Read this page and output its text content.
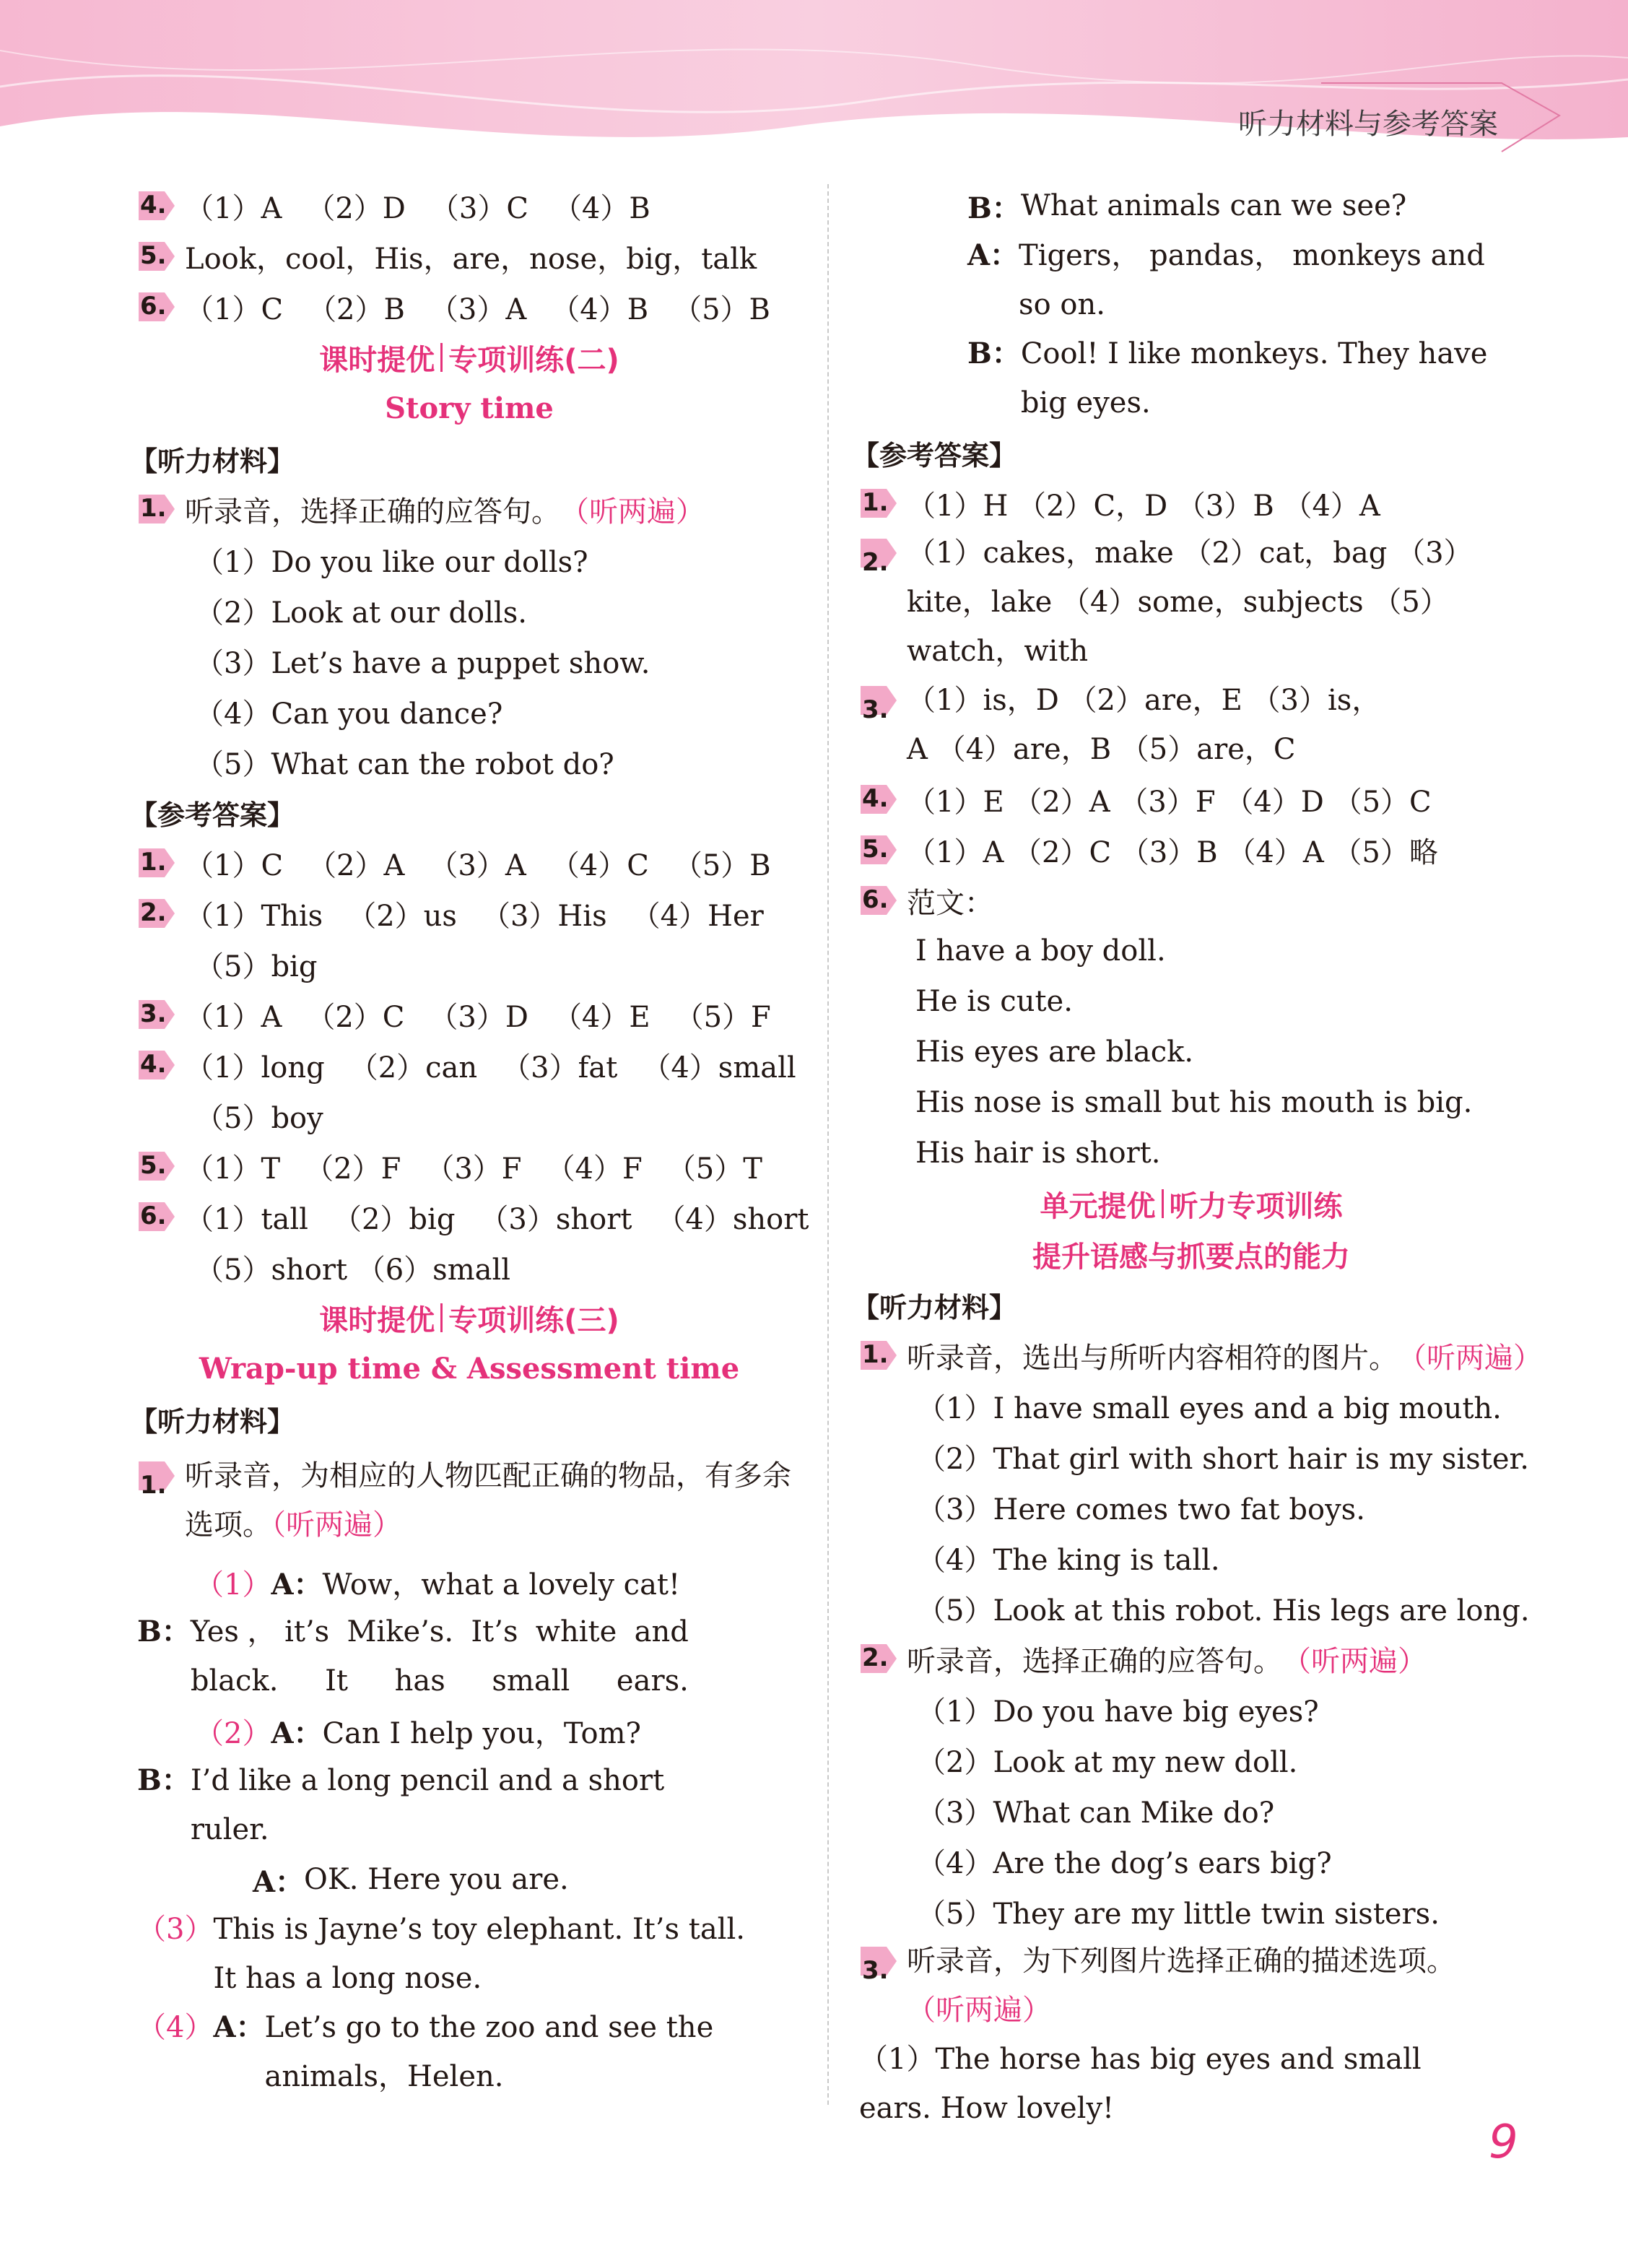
听力材料与参考答案
4. （1）A （2）D （3）C （4）B
5. Look，cool，His，are，nose，big，talk
6. （1）C （2）B （3）A （4）B （5）B
课时提优 专项训练(二)
Story time
【听力材料】
1. 听录音，选择正确的应答句。 （听两遍）
（1）Do you like our dolls?
（2）Look at our dolls.
（3）Let’s have a puppet show.
（4）Can you dance?
（5）What can the robot do?
【参考答案】
1. （1）C （2）A （3）A （4）C （5）B
2. （1）This （2）us （3）His （4）Her
（5）big
3. （1）A （2）C （3）D （4）E （5）F
4. （1）long （2）can （3）fat （4）small
（5）boy
5. （1）T （2）F （3）F （4）F （5）T
6. （1）tall （2）big （3）short （4）short
（5）short （6）small
课时提优 专项训练(三)
Wrap-up time & Assessment time
【听力材料】
1. 听录音，为相应的人物匹配正确的物品，有多余选项。（听两遍）
（1） A： Wow，what a lovely cat!
B： Yes，it’s Mike’s. It’s white and black. It has small ears.
（2） A： Can I help you，Tom?
B： I’d like a long pencil and a short ruler.
A： OK. Here you are.
（3） This is Jayne’s toy elephant. It’s tall. It has a long nose.
（4） A： Let’s go to the zoo and see the animals，Helen.
B： What animals can we see?
A： Tigers， pandas， monkeys and so on.
B： Cool! I like monkeys. They have big eyes.
【参考答案】
1. （1）H （2）C，D （3）B （4）A
2. （1）cakes，make （2）cat，bag （3）kite，lake （4）some，subjects （5）watch，with
3. （1）is，D （2）are，E （3）is，A （4）are，B （5）are，C
4. （1）E （2）A （3）F （4）D （5）C
5. （1）A （2）C （3）B （4）A （5）略
6. 范文：
I have a boy doll.
He is cute.
His eyes are black.
His nose is small but his mouth is big.
His hair is short.
单元提优 听力专项训练
提升语感与抓要点的能力
【听力材料】
1. 听录音，选出与所听内容相符的图片。 （听两遍）
（1）I have small eyes and a big mouth.
（2）That girl with short hair is my sister.
（3）Here comes two fat boys.
（4）The king is tall.
（5）Look at this robot. His legs are long.
2. 听录音，选择正确的应答句。 （听两遍）
（1）Do you have big eyes?
（2）Look at my new doll.
（3）What can Mike do?
（4）Are the dog’s ears big?
（5）They are my little twin sisters.
3. 听录音，为下列图片选择正确的描述选项。
（听两遍）
（1）The horse has big eyes and small ears. How lovely!
9
